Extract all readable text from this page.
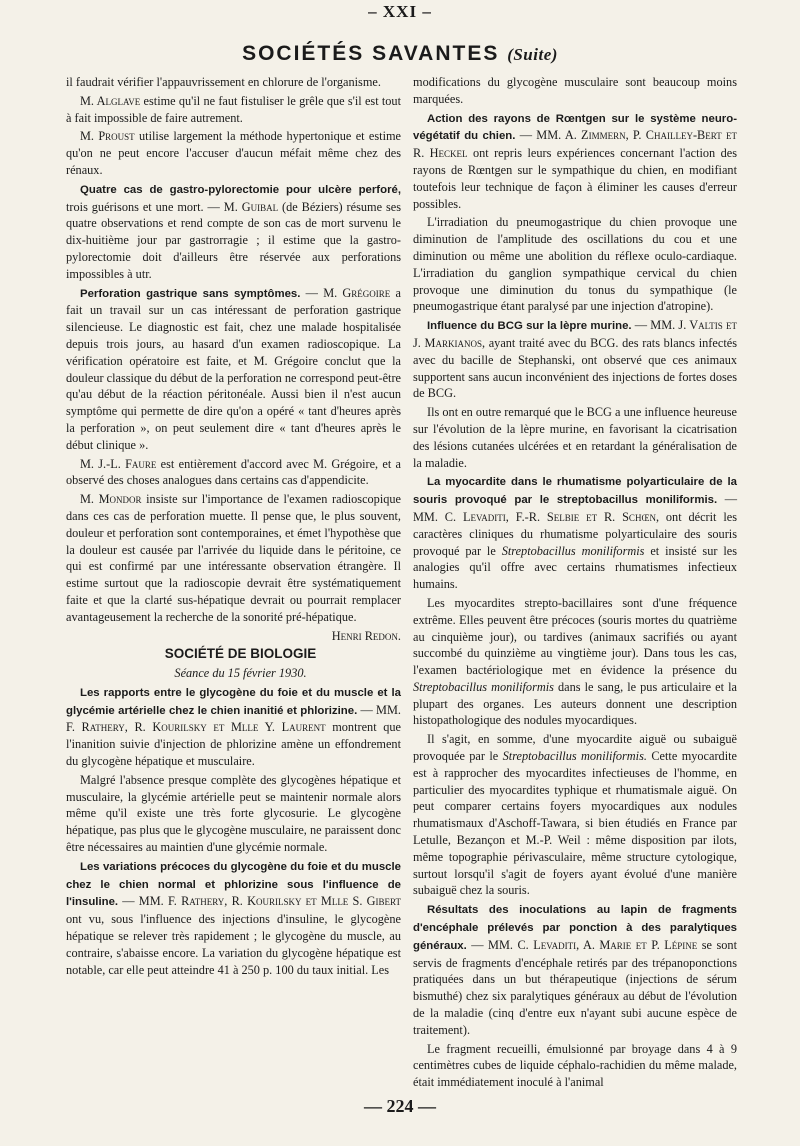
– XXI –
SOCIÉTÉS SAVANTES (Suite)

il faudrait vérifier l'appauvrissement en chlorure de l'organisme.

M. Alglave estime qu'il ne faut fistuliser le grêle que s'il est tout à fait impossible de faire autrement.

M. Proust utilise largement la méthode hypertonique et estime qu'on ne peut encore l'accuser d'aucun méfait même chez des rénaux.

Quatre cas de gastro-pylorectomie pour ulcère perforé, trois guérisons et une mort. — M. Guibal (de Béziers) résume ses quatre observations et rend compte de son cas de mort survenu le dix-huitième jour par gastrorragie ; il estime que la gastro-pylorectomie doit d'ailleurs être réservée aux perforations impossibles à utr.

Perforation gastrique sans symptômes. — M. Grégoire a fait un travail sur un cas intéressant de perforation gastrique silencieuse. Le diagnostic est fait, chez une malade hospitalisée depuis trois jours, au hasard d'un examen radioscopique. La vérification opératoire est faite, et M. Grégoire conclut que la douleur classique du début de la perforation ne correspond peut-être qu'au début de la réaction péritonéale. Aussi bien il n'est aucun symptôme qui permette de dire qu'on a opéré « tant d'heures après la perforation », on peut seulement dire « tant d'heures après le début clinique ».

M. J.-L. Faure est entièrement d'accord avec M. Grégoire, et a observé des choses analogues dans certains cas d'appendicite.

M. Mondor insiste sur l'importance de l'examen radioscopique dans ces cas de perforation muette. Il pense que, le plus souvent, douleur et perforation sont contemporaines, et émet l'hypothèse que la douleur est causée par l'arrivée du liquide dans le péritoine, ce qui est confirmé par une intéressante observation étrangère. Il estime surtout que la radioscopie devrait être systématiquement faite et que la clarté sus-hépatique devrait ou pourrait remplacer avantageusement la recherche de la sonorité pré-hépatique.

Henri Redon.

SOCIÉTÉ DE BIOLOGIE

Séance du 15 février 1930.

Les rapports entre le glycogène du foie et du muscle et la glycémie artérielle chez le chien inanitié et phlorizine. — MM. F. Rathery, R. Kourilsky et Mlle Y. Laurent montrent que l'inanition suivie d'injection de phlorizine amène un effondrement du glycogène hépatique et musculaire.

Malgré l'absence presque complète des glycogènes hépatique et musculaire, la glycémie artérielle peut se maintenir normale alors même qu'il existe une très forte glycosurie. Le glycogène hépatique, pas plus que le glycogène musculaire, ne paraissent donc être nécessaires au maintien d'une glycémie normale.

Les variations précoces du glycogène du foie et du muscle chez le chien normal et phlorizine sous l'influence de l'insuline. — MM. F. Rathery, R. Kourilsky et Mlle S. Gibert ont vu, sous l'influence des injections d'insuline, le glycogène hépatique se relever très rapidement ; le glycogène du muscle, au contraire, s'abaisse encore. La variation du glycogène hépatique est notable, car elle peut atteindre 41 à 250 p. 100 du taux initial. Les

modifications du glycogène musculaire sont beaucoup moins marquées.

Action des rayons de Rœntgen sur le système neuro-végétatif du chien. — MM. A. Zimmern, P. Chailley-Bert et R. Heckel ont repris leurs expériences concernant l'action des rayons de Rœntgen sur le sympathique du chien, en modifiant toutefois leur technique de façon à éliminer les causes d'erreur possibles.

L'irradiation du pneumogastrique du chien provoque une diminution de l'amplitude des oscillations du cou et une diminution ou même une abolition du réflexe oculo-cardiaque. L'irradiation du ganglion sympathique cervical du chien provoque une diminution du tonus du sympathique (le pneumogastrique étant paralysé par une injection d'atropine).

Influence du BCG sur la lèpre murine. — MM. J. Valtis et J. Markianos, ayant traité avec du BCG. des rats blancs infectés avec du bacille de Stephanski, ont observé que ces animaux supportent sans aucun inconvénient des injections de fortes doses de BCG.

Ils ont en outre remarqué que le BCG a une influence heureuse sur l'évolution de la lèpre murine, en favorisant la cicatrisation des lésions cutanées ulcérées et en retardant la généralisation de la maladie.

La myocardite dans le rhumatisme polyarticulaire de la souris provoqué par le streptobacillus moniliformis. — MM. C. Levaditi, F.-R. Selbie et R. Schœn, ont décrit les caractères cliniques du rhumatisme polyarticulaire des souris provoqué par le Streptobacillus moniliformis et insisté sur les analogies qu'il offre avec certains rhumatismes infectieux humains.

Les myocardites strepto-bacillaires sont d'une fréquence extrême. Elles peuvent être précoces (souris mortes du quatrième au cinquième jour), ou tardives (animaux sacrifiés ou ayant succombé du quinzième au vingtième jour). Dans tous les cas, l'examen bactériologique met en évidence la présence du Streptobacillus moniliformis dans le sang, le pus articulaire et la plupart des organes. Les auteurs donnent une description histopathologique des nodules myocardiques.

Il s'agit, en somme, d'une myocardite aiguë ou subaiguë provoquée par le Streptobacillus moniliformis. Cette myocardite est à rapprocher des myocardites infectieuses de l'homme, en particulier des myocardites typhique et rhumatismale aiguë. On peut comparer certains foyers myocardiques aux nodules rhumatismaux d'Aschoff-Tawara, si bien étudiés en France par Letulle, Bezançon et M.-P. Weil : même disposition par ilots, même topographie périvasculaire, même structure cytologique, surtout lorsqu'il s'agit de foyers ayant évolué d'une manière subaiguë chez la souris.

Résultats des inoculations au lapin de fragments d'encéphale prélevés par ponction à des paralytiques généraux. — MM. C. Levaditi, A. Marie et P. Lépine se sont servis de fragments d'encéphale retirés par des trépanoponctions pratiquées dans un but thérapeutique (injections de sérum bismuthé) chez six paralytiques généraux au début de l'évolution de la maladie (cinq d'entre eux n'ayant subi aucune espèce de traitement).

Le fragment recueilli, émulsionné par broyage dans 4 à 9 centimètres cubes de liquide céphalo-rachidien du même malade, était immédiatement inoculé à l'animal

— 224 —
